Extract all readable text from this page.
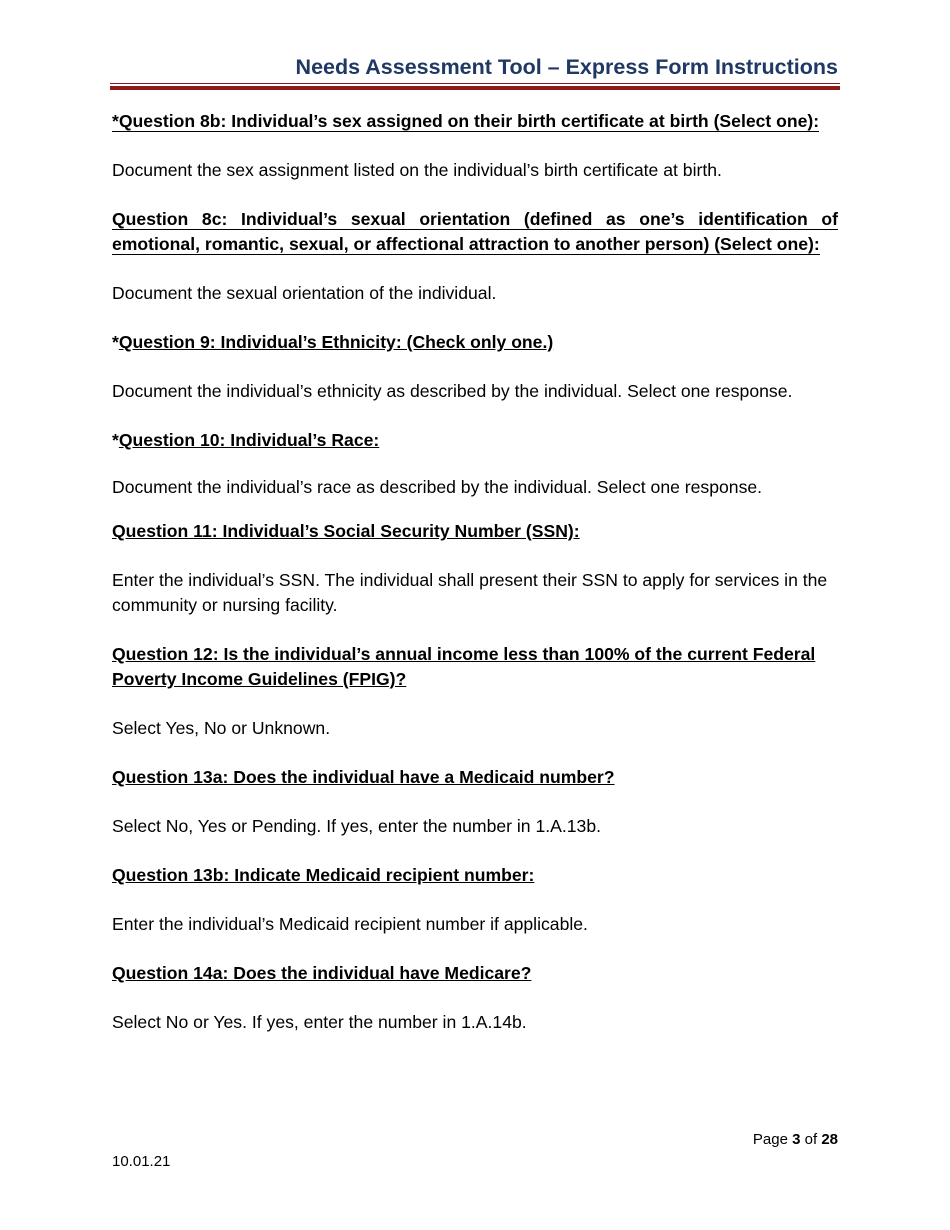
Needs Assessment Tool – Express Form Instructions
*Question 8b: Individual’s sex assigned on their birth certificate at birth (Select one):
Document the sex assignment listed on the individual’s birth certificate at birth.
Question 8c: Individual’s sexual orientation (defined as one’s identification of emotional, romantic, sexual, or affectional attraction to another person) (Select one):
Document the sexual orientation of the individual.
*Question 9: Individual’s Ethnicity: (Check only one.)
Document the individual’s ethnicity as described by the individual. Select one response.
*Question 10: Individual’s Race:
Document the individual’s race as described by the individual. Select one response.
Question 11: Individual’s Social Security Number (SSN):
Enter the individual’s SSN. The individual shall present their SSN to apply for services in the community or nursing facility.
Question 12: Is the individual’s annual income less than 100% of the current Federal Poverty Income Guidelines (FPIG)?
Select Yes, No or Unknown.
Question 13a: Does the individual have a Medicaid number?
Select No, Yes or Pending. If yes, enter the number in 1.A.13b.
Question 13b: Indicate Medicaid recipient number:
Enter the individual’s Medicaid recipient number if applicable.
Question 14a: Does the individual have Medicare?
Select No or Yes. If yes, enter the number in 1.A.14b.
Page 3 of 28
10.01.21
